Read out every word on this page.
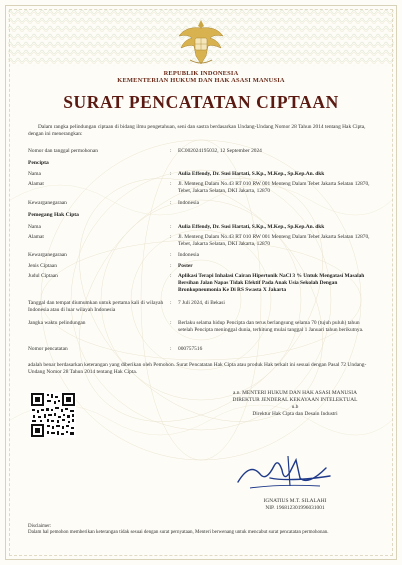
REPUBLIK INDONESIA
KEMENTERIAN HUKUM DAN HAK ASASI MANUSIA
SURAT PENCATATAN CIPTAAN
Dalam rangka pelindungan ciptaan di bidang ilmu pengetahuan, seni dan sastra berdasarkan Undang-Undang Nomor 28 Tahun 2014 tentang Hak Cipta, dengan ini menerangkan:
Nomor dan tanggal permohonan	:	EC002024195032, 12 September 2024
Pencipta
Nama	:	Aulia Effendy, Dr. Susi Hartati, S.Kp., M.Kep., Sp.Kep.An. dkk
Alamat	:	Jl. Menteng Dalam No.43 RT 010 RW 001 Menteng Dalam Tebet Jakarta Selatan 12870, Tebet, Jakarta Selatan, DKI Jakarta, 12870
Kewarganegaraan	:	Indonesia
Pemegang Hak Cipta
Nama	:	Aulia Effendy, Dr. Susi Hartati, S.Kp., M.Kep., Sp.Kep.An. dkk
Alamat	:	Jl. Menteng Dalam No.43 RT 010 RW 001 Menteng Dalam Tebet Jakarta Selatan 12870, Tebet, Jakarta Selatan, DKI Jakarta, 12870
Kewarganegaraan	:	Indonesia
Jenis Ciptaan	:	Poster
Judul Ciptaan	:	Aplikasi Terapi Inhalasi Cairan Hipertonik NaCl 3 % Untuk Mengatasi Masalah Bersihan Jalan Napas Tidak Efektif Pada Anak Usia Sekolah Dengan Bronkopneumonia Ke Di RS Swasta X Jakarta
Tanggal dan tempat diumumkan untuk pertama kali di wilayah Indonesia atau di luar wilayah Indonesia
:	7 Juli 2024, di Bekasi
Jangka waktu pelindungan	:	Berlaku selama hidup Pencipta dan terus berlangsung selama 70 (tujuh puluh) tahun setelah Pencipta meninggal dunia, terhitung mulai tanggal 1 Januari tahun berikutnya.
Nomor pencatatan	:	000757516
adalah benar berdasarkan keterangan yang diberikan oleh Pemohon. Surat Pencatatan Hak Cipta atau produk Hak terkait ini sesuai dengan Pasal 72 Undang-Undang Nomor 28 Tahun 2014 tentang Hak Cipta.
a.n. MENTERI HUKUM DAN HAK ASASI MANUSIA
DIREKTUR JENDERAL KEKAYAAN INTELEKTUAL
u.b
Direktur Hak Cipta dan Desain Industri
IGNATIUS M.T. SILALAHI
NIP. 196812301996031001
Disclaimer:
Dalam hal pemohon memberikan keterangan tidak sesuai dengan surat pernyataan, Menteri berwenang untuk mencabut surat pencatatan permohonan.
